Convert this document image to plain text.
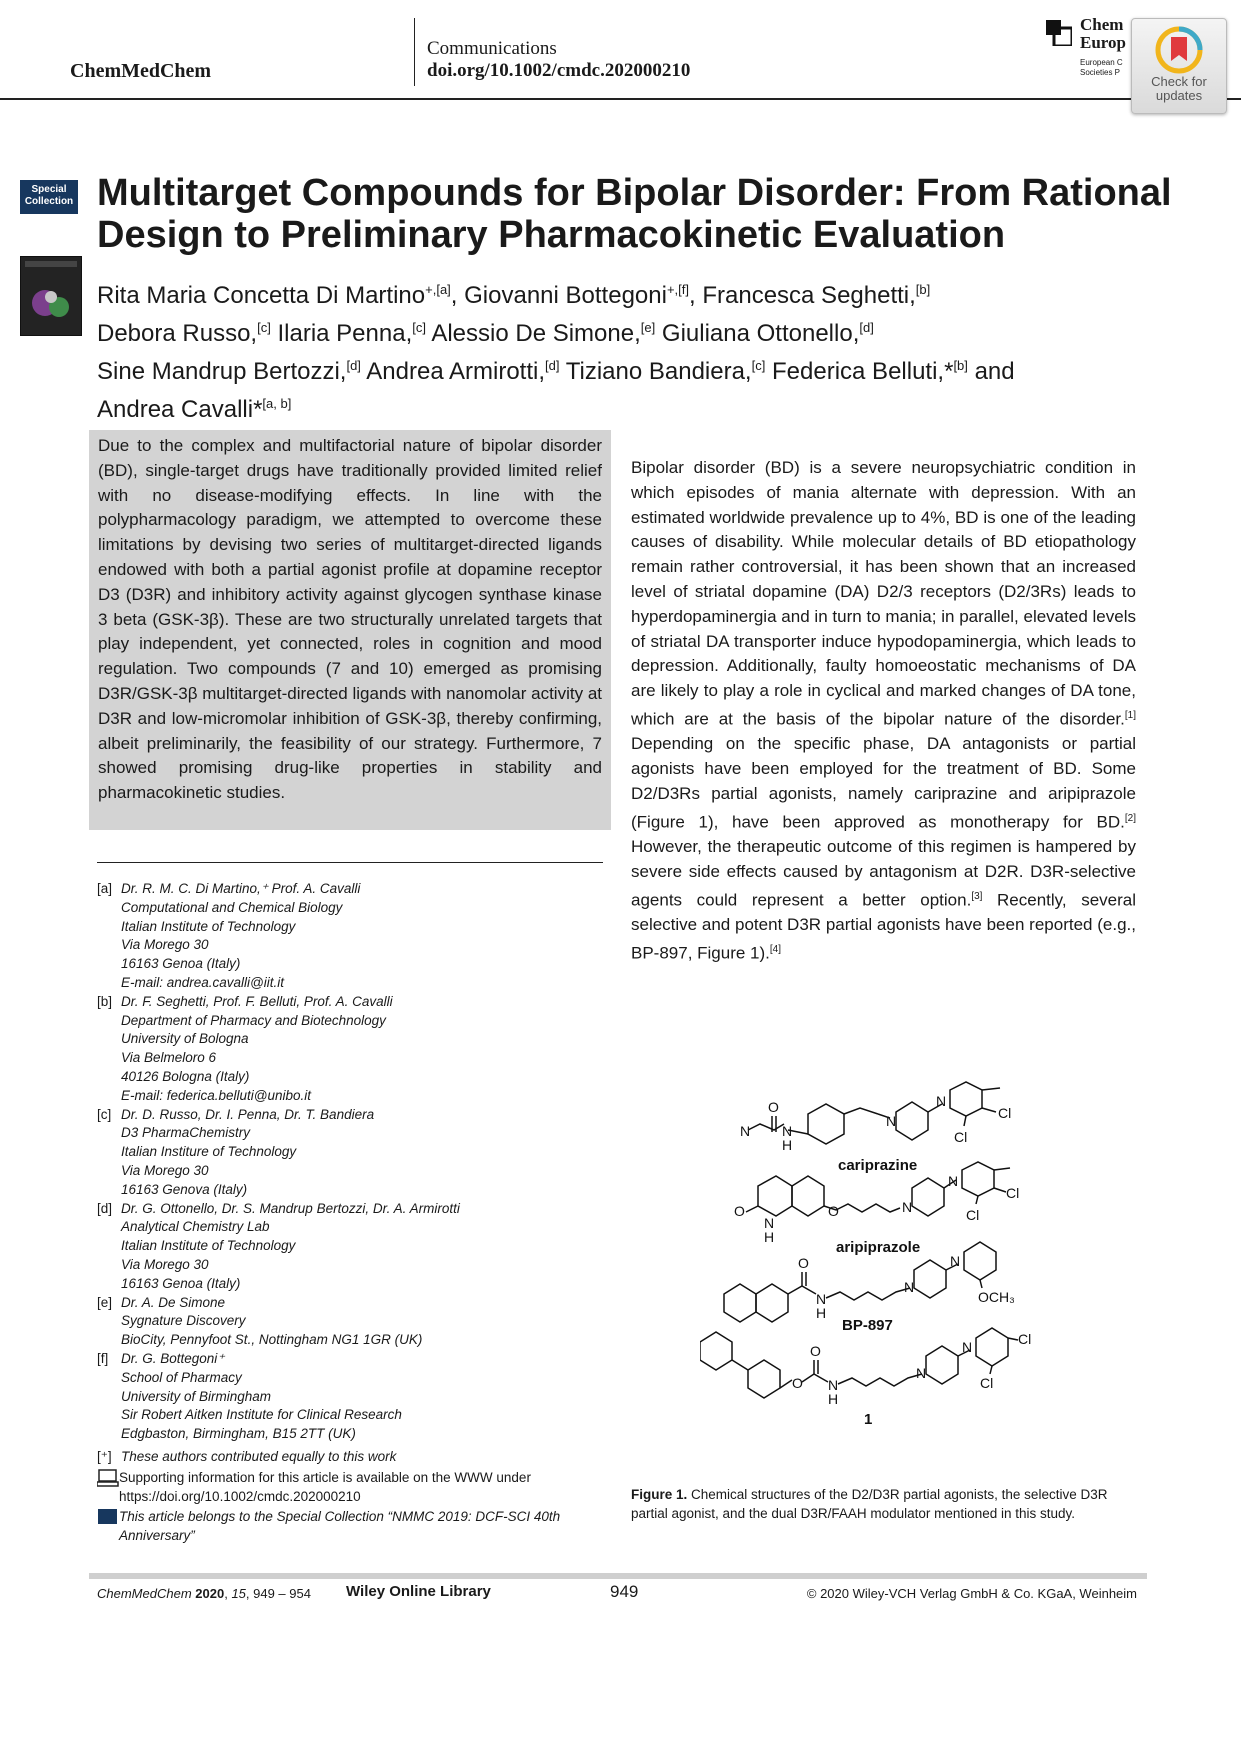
ChemMedChem
Communications
doi.org/10.1002/cmdc.202000210
Chem
Europ
European C
Societies P
Check for
updates
Special
Collection Multitarget Compounds for Bipolar Disorder: From Rational Design to Preliminary Pharmacokinetic Evaluation
Rita Maria Concetta Di Martino$^{+,[a]}$, Giovanni Bottegoni$^{+,[f]}$, Francesca Seghetti,[b]
Debora Russo,[c] Ilaria Penna,[c] Alessio De Simone,[e] Giuliana Ottonello,[d]
Sine Mandrup Bertozzi,[d] Andrea Armirotti,[d] Tiziano Bandiera,[c] Federica Belluti,*[b] and
Andrea Cavalli*[a, b]
Due to the complex and multifactorial nature of bipolar disorder (BD), single-target drugs have traditionally provided limited relief with no disease-modifying effects. In line with the polypharmacology paradigm, we attempted to overcome these limitations by devising two series of multitarget-directed ligands endowed with both a partial agonist profile at dopamine receptor D3 (D3R) and inhibitory activity against glycogen synthase kinase 3 beta (GSK-3β). These are two structurally unrelated targets that play independent, yet connected, roles in cognition and mood regulation. Two compounds (7 and 10) emerged as promising D3R/GSK-3β multitarget-directed ligands with nanomolar activity at D3R and low-micromolar inhibition of GSK-3β, thereby confirming, albeit preliminarily, the feasibility of our strategy. Furthermore, 7 showed promising drug-like properties in stability and pharmacokinetic studies.
[a] Dr. R. M. C. Di Martino,⁺ Prof. A. Cavalli
Computational and Chemical Biology
Italian Institute of Technology
Via Morego 30
16163 Genoa (Italy)
E-mail: andrea.cavalli@iit.it
[b] Dr. F. Seghetti, Prof. F. Belluti, Prof. A. Cavalli
Department of Pharmacy and Biotechnology
University of Bologna
Via Belmeloro 6
40126 Bologna (Italy)
E-mail: federica.belluti@unibo.it
[c] Dr. D. Russo, Dr. I. Penna, Dr. T. Bandiera
D3 PharmaChemistry
Italian Institure of Technology
Via Morego 30
16163 Genova (Italy)
[d] Dr. G. Ottonello, Dr. S. Mandrup Bertozzi, Dr. A. Armirotti
Analytical Chemistry Lab
Italian Institute of Technology
Via Morego 30
16163 Genoa (Italy)
[e] Dr. A. De Simone
Sygnature Discovery
BioCity, Pennyfoot St., Nottingham NG1 1GR (UK)
[f] Dr. G. Bottegoni⁺
School of Pharmacy
University of Birmingham
Sir Robert Aitken Institute for Clinical Research
Edgbaston, Birmingham, B15 2TT (UK)
[⁺] These authors contributed equally to this work
Supporting information for this article is available on the WWW under https://doi.org/10.1002/cmdc.202000210
This article belongs to the Special Collection “NMMC 2019: DCF-SCI 40th Anniversary”
Bipolar disorder (BD) is a severe neuropsychiatric condition in which episodes of mania alternate with depression. With an estimated worldwide prevalence up to 4%, BD is one of the leading causes of disability. While molecular details of BD etiopathology remain rather controversial, it has been shown that an increased level of striatal dopamine (DA) D2/3 receptors (D2/3Rs) leads to hyperdopaminergia and in turn to mania; in parallel, elevated levels of striatal DA transporter induce hypodopaminergia, which leads to depression. Additionally, faulty homoeostatic mechanisms of DA are likely to play a role in cyclical and marked changes of DA tone, which are at the basis of the bipolar nature of the disorder.[1] Depending on the specific phase, DA antagonists or partial agonists have been employed for the treatment of BD. Some D2/D3Rs partial agonists, namely cariprazine and aripiprazole (Figure 1), have been approved as monotherapy for BD.[2] However, the therapeutic outcome of this regimen is hampered by severe side effects caused by antagonism at D2R. D3R-selective agents could represent a better option.[3] Recently, several selective and potent D3R partial agonists have been reported (e.g., BP-897, Figure 1).[4]
N
O
N
H
N
N
Cl
Cl
cariprazine
O
N
H
O	N
N
Cl
Cl
aripiprazole
O
N
H
N
N
OCH₃
BP-897
O
O
N
H
N
N	Cl
Cl
1
Figure 1. Chemical structures of the D2/D3R partial agonists, the selective D3R partial agonist, and the dual D3R/FAAH modulator mentioned in this study.
ChemMedChem 2020, 15, 949 – 954 Wiley Online Library	949	© 2020 Wiley-VCH Verlag GmbH & Co. KGaA, Weinheim
